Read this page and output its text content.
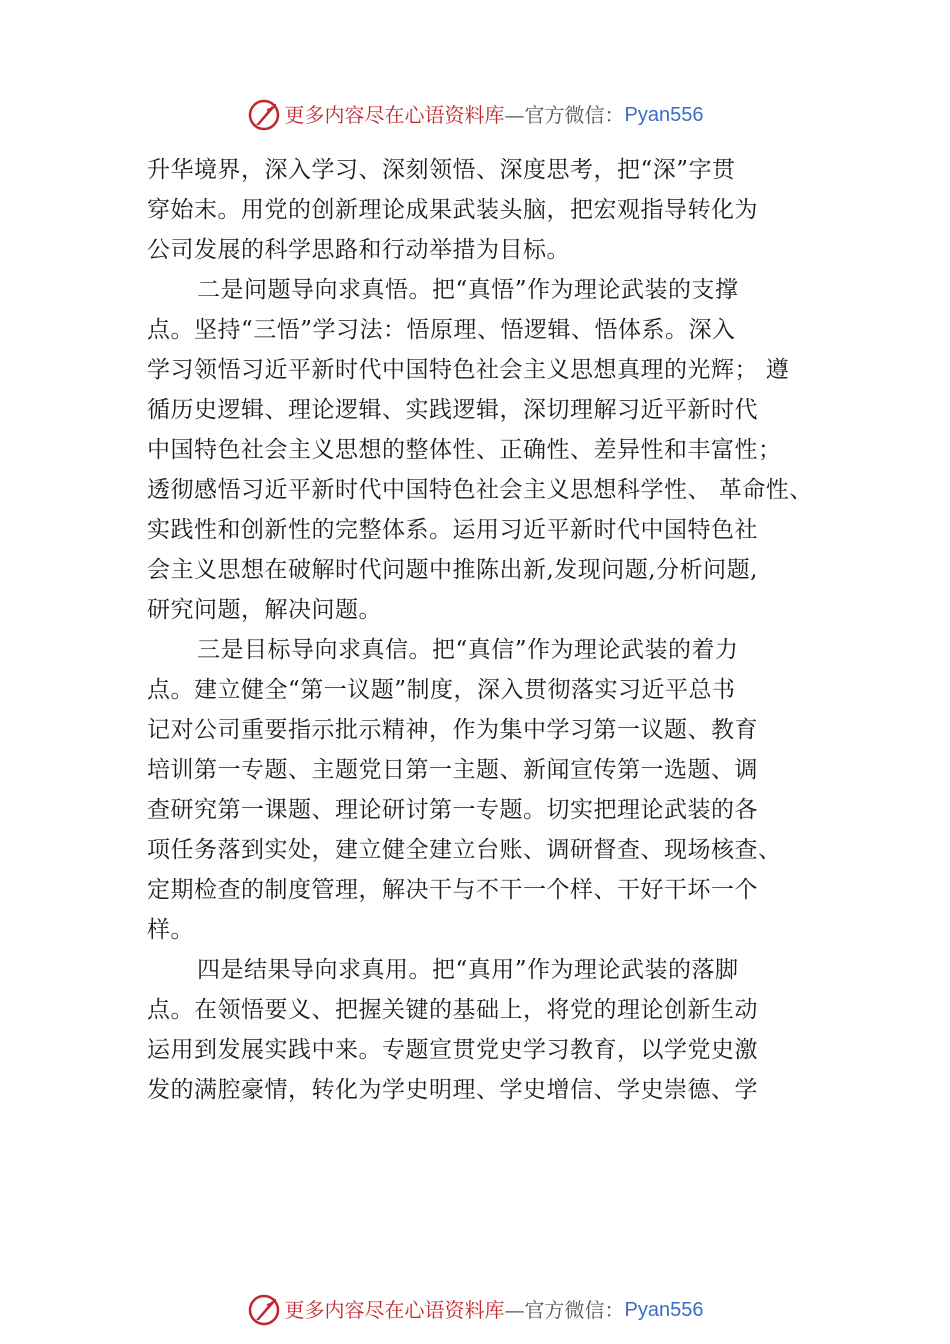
更多内容尽在心语资料库 — 官方微信： Pyan556
升华境界，深入学习、深刻领悟、深度思考，把“深”字贯
穿始末。用党的创新理论成果武装头脑，把宏观指导转化为
公司发展的科学思路和行动举措为目标。
二是问题导向求真悟。把“真悟”作为理论武装的支撑
点。坚持“三悟”学习法：悟原理、悟逻辑、悟体系。深入
学习领悟习近平新时代中国特色社会主义思想真理的光辉； 遵
循历史逻辑、理论逻辑、实践逻辑，深切理解习近平新时代
中国特色社会主义思想的整体性、正确性、差异性和丰富性；
透彻感悟习近平新时代中国特色社会主义思想科学性、 革命性、
实践性和创新性的完整体系。运用习近平新时代中国特色社
会主义思想在破解时代问题中推陈出新,发现问题,分析问题,
研究问题，解决问题。
三是目标导向求真信。把“真信”作为理论武装的着力
点。建立健全“第一议题”制度，深入贯彻落实习近平总书
记对公司重要指示批示精神，作为集中学习第一议题、教育
培训第一专题、主题党日第一主题、新闻宣传第一选题、调
查研究第一课题、理论研讨第一专题。切实把理论武装的各
项任务落到实处，建立健全建立台账、调研督查、现场核查、
定期检查的制度管理，解决干与不干一个样、干好干坏一个
样。
四是结果导向求真用。把“真用”作为理论武装的落脚
点。在领悟要义、把握关键的基础上，将党的理论创新生动
运用到发展实践中来。专题宣贯党史学习教育，以学党史激
发的满腔豪情，转化为学史明理、学史增信、学史崇德、学
更多内容尽在心语资料库 — 官方微信： Pyan556
